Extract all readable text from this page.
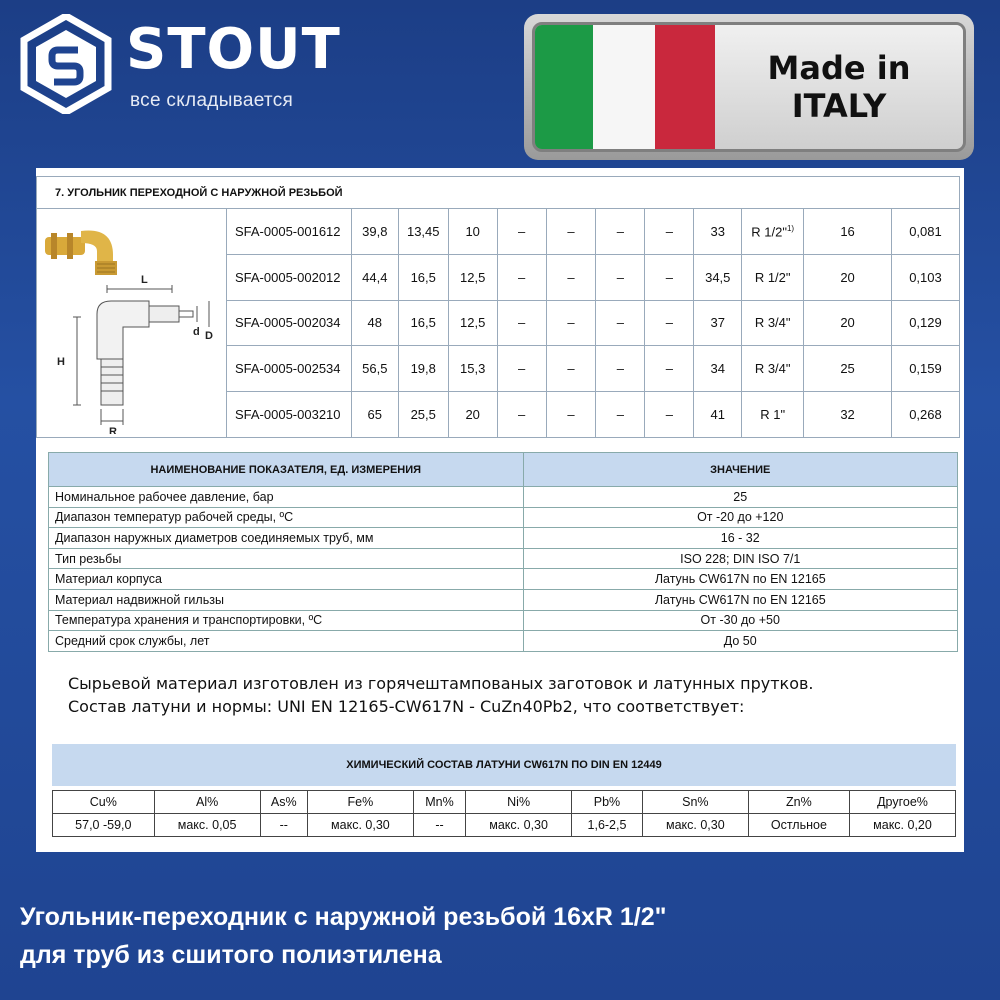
STOUT
все складывается
Made in
ITALY
7. УГОЛЬНИК ПЕРЕХОДНОЙ С НАРУЖНОЙ РЕЗЬБОЙ												

L
H
d D
R	SFA-0005-001612	39,8	13,45	10	–	–	–	–	33	R 1/2"$^{1)}$	16	0,081
	SFA-0005-002012	44,4	16,5	12,5	–	–	–	–	34,5	R 1/2"	20	0,103
	SFA-0005-002034	48	16,5	12,5	–	–	–	–	37	R 3/4"	20	0,129
	SFA-0005-002534	56,5	19,8	15,3	–	–	–	–	34	R 3/4"	25	0,159
	SFA-0005-003210	65	25,5	20	–	–	–	–	41	R 1"	32	0,268
НАИМЕНОВАНИЕ ПОКАЗАТЕЛЯ, ЕД. ИЗМЕРЕНИЯ	ЗНАЧЕНИЕ
Номинальное рабочее давление, бар	25
Диапазон температур рабочей среды, ºС	От -20 до +120
Диапазон наружных диаметров соединяемых труб, мм	16 - 32
Тип резьбы	ISO 228; DIN ISO 7/1
Материал корпуса	Латунь CW617N по EN 12165
Материал надвижной гильзы	Латунь CW617N по EN 12165
Температура хранения и транспортировки, ºС	От -30 до +50
Средний срок службы, лет	До 50
Сырьевой материал изготовлен из горячештампованых заготовок и латунных прутков.
Состав латуни и нормы: UNI EN 12165-CW617N - CuZn40Pb2, что соответствует:
ХИМИЧЕСКИЙ СОСТАВ ЛАТУНИ CW617N ПО DIN EN 12449
Cu%	Al%	As%	Fe%	Mn%	Ni%	Pb%	Sn%	Zn%	Другое%
57,0 -59,0	макс. 0,05	--	макс. 0,30	--	макс. 0,30	1,6-2,5	макс. 0,30	Остльное	макс. 0,20
Угольник-переходник с наружной резьбой 16xR 1/2"
для труб из сшитого полиэтилена
